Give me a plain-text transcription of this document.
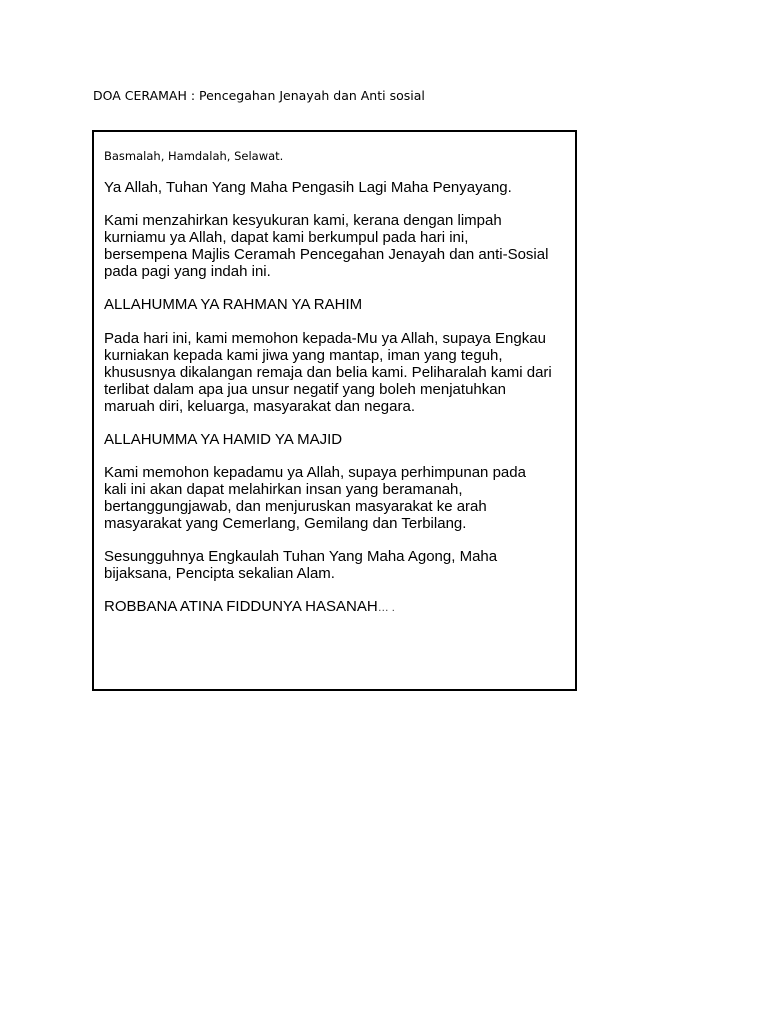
DOA CERAMAH : Pencegahan Jenayah dan Anti sosial
Basmalah, Hamdalah, Selawat.

Ya Allah, Tuhan Yang Maha Pengasih Lagi Maha Penyayang.

Kami menzahirkan kesyukuran kami, kerana dengan limpah
kurniamu ya Allah, dapat kami berkumpul pada hari ini,
bersempena Majlis Ceramah Pencegahan Jenayah dan anti-Sosial
pada pagi yang indah ini.

ALLAHUMMA YA RAHMAN YA RAHIM

Pada hari ini, kami memohon kepada-Mu ya Allah, supaya Engkau
kurniakan kepada kami jiwa yang mantap, iman yang teguh,
khususnya dikalangan remaja dan belia kami. Peliharalah kami dari
terlibat dalam apa jua unsur negatif yang boleh menjatuhkan
maruah diri, keluarga, masyarakat dan negara.

ALLAHUMMA YA HAMID YA MAJID

Kami memohon kepadamu ya Allah, supaya perhimpunan pada
kali ini akan dapat melahirkan insan yang beramanah,
bertanggungjawab, dan menjuruskan masyarakat ke arah
masyarakat yang Cemerlang, Gemilang dan Terbilang.

Sesungguhnya Engkaulah Tuhan Yang Maha Agong, Maha
bijaksana, Pencipta sekalian Alam.

ROBBANA ATINA FIDDUNYA HASANAH… .
